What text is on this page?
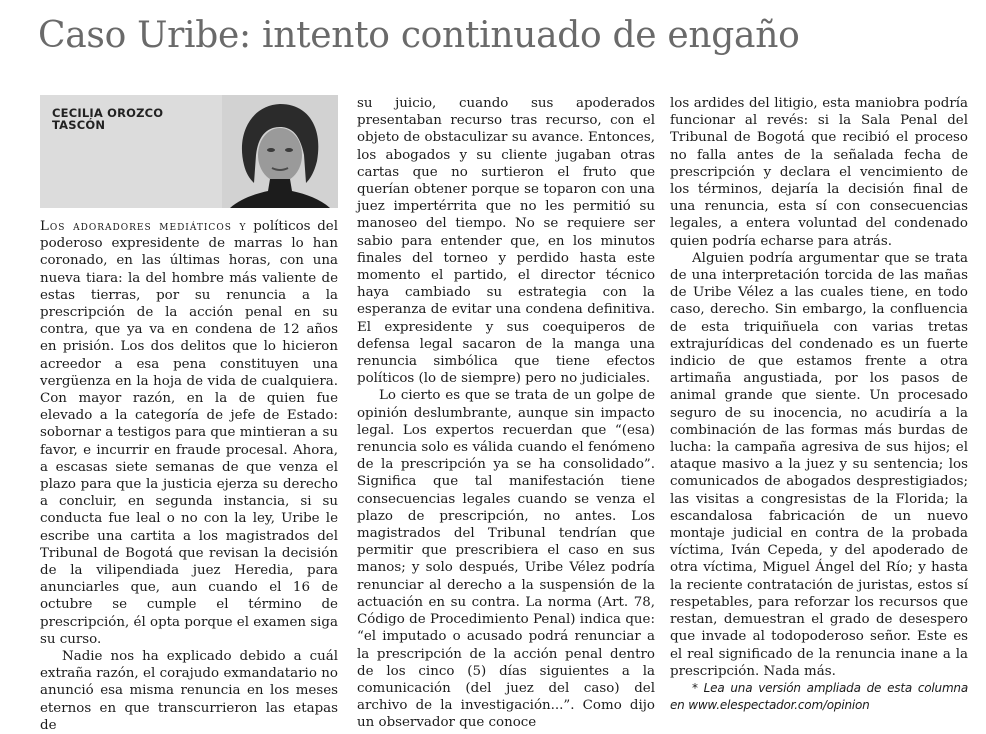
Caso Uribe: intento continuado de engaño

CECILIA OROZCO TASCÓN

Los adoradores mediáticos y políticos del poderoso expresidente de marras lo han coronado, en las últimas horas, con una nueva tiara: la del hombre más valiente de estas tierras, por su renuncia a la prescripción de la acción penal en su contra, que ya va en condena de 12 años en prisión. Los dos delitos que lo hicieron acreedor a esa pena constituyen una vergüenza en la hoja de vida de cualquiera. Con mayor razón, en la de quien fue elevado a la categoría de jefe de Estado: sobornar a testigos para que mintieran a su favor, e incurrir en fraude procesal. Ahora, a escasas siete semanas de que venza el plazo para que la justicia ejerza su derecho a concluir, en segunda instancia, si su conducta fue leal o no con la ley, Uribe le escribe una cartita a los magistrados del Tribunal de Bogotá que revisan la decisión de la vilipendiada juez Heredia, para anunciarles que, aun cuando el 16 de octubre se cumple el término de prescripción, él opta porque el examen siga su curso.

Nadie nos ha explicado debido a cuál extraña razón, el corajudo exmandatario no anunció esa misma renuncia en los meses eternos en que transcurrieron las etapas de

su juicio, cuando sus apoderados presentaban recurso tras recurso, con el objeto de obstaculizar su avance. Entonces, los abogados y su cliente jugaban otras cartas que no surtieron el fruto que querían obtener porque se toparon con una juez impertérrita que no les permitió su manoseo del tiempo. No se requiere ser sabio para entender que, en los minutos finales del torneo y perdido hasta este momento el partido, el director técnico haya cambiado su estrategia con la esperanza de evitar una condena definitiva. El expresidente y sus coequiperos de defensa legal sacaron de la manga una renuncia simbólica que tiene efectos políticos (lo de siempre) pero no judiciales.

Lo cierto es que se trata de un golpe de opinión deslumbrante, aunque sin impacto legal. Los expertos recuerdan que “(esa) renuncia solo es válida cuando el fenómeno de la prescripción ya se ha consolidado”. Significa que tal manifestación tiene consecuencias legales cuando se venza el plazo de prescripción, no antes. Los magistrados del Tribunal tendrían que permitir que prescribiera el caso en sus manos; y solo después, Uribe Vélez podría renunciar al derecho a la suspensión de la actuación en su contra. La norma (Art. 78, Código de Procedimiento Penal) indica que: “el imputado o acusado podrá renunciar a la prescripción de la acción penal dentro de los cinco (5) días siguientes a la comunicación (del juez del caso) del archivo de la investigación...”. Como dijo un observador que conoce

los ardides del litigio, esta maniobra podría funcionar al revés: si la Sala Penal del Tribunal de Bogotá que recibió el proceso no falla antes de la señalada fecha de prescripción y declara el vencimiento de los términos, dejaría la decisión final de una renuncia, esta sí con consecuencias legales, a entera voluntad del condenado quien podría echarse para atrás.

Alguien podría argumentar que se trata de una interpretación torcida de las mañas de Uribe Vélez a las cuales tiene, en todo caso, derecho. Sin embargo, la confluencia de esta triquiñuela con varias tretas extrajurídicas del condenado es un fuerte indicio de que estamos frente a otra artimaña angustiada, por los pasos de animal grande que siente. Un procesado seguro de su inocencia, no acudiría a la combinación de las formas más burdas de lucha: la campaña agresiva de sus hijos; el ataque masivo a la juez y su sentencia; los comunicados de abogados desprestigiados; las visitas a congresistas de la Florida; la escandalosa fabricación de un nuevo montaje judicial en contra de la probada víctima, Iván Cepeda, y del apoderado de otra víctima, Miguel Ángel del Río; y hasta la reciente contratación de juristas, estos sí respetables, para reforzar los recursos que restan, demuestran el grado de desespero que invade al todopoderoso señor. Este es el real significado de la renuncia inane a la prescripción. Nada más.

* Lea una versión ampliada de esta columna en www.elespectador.com/opinion
